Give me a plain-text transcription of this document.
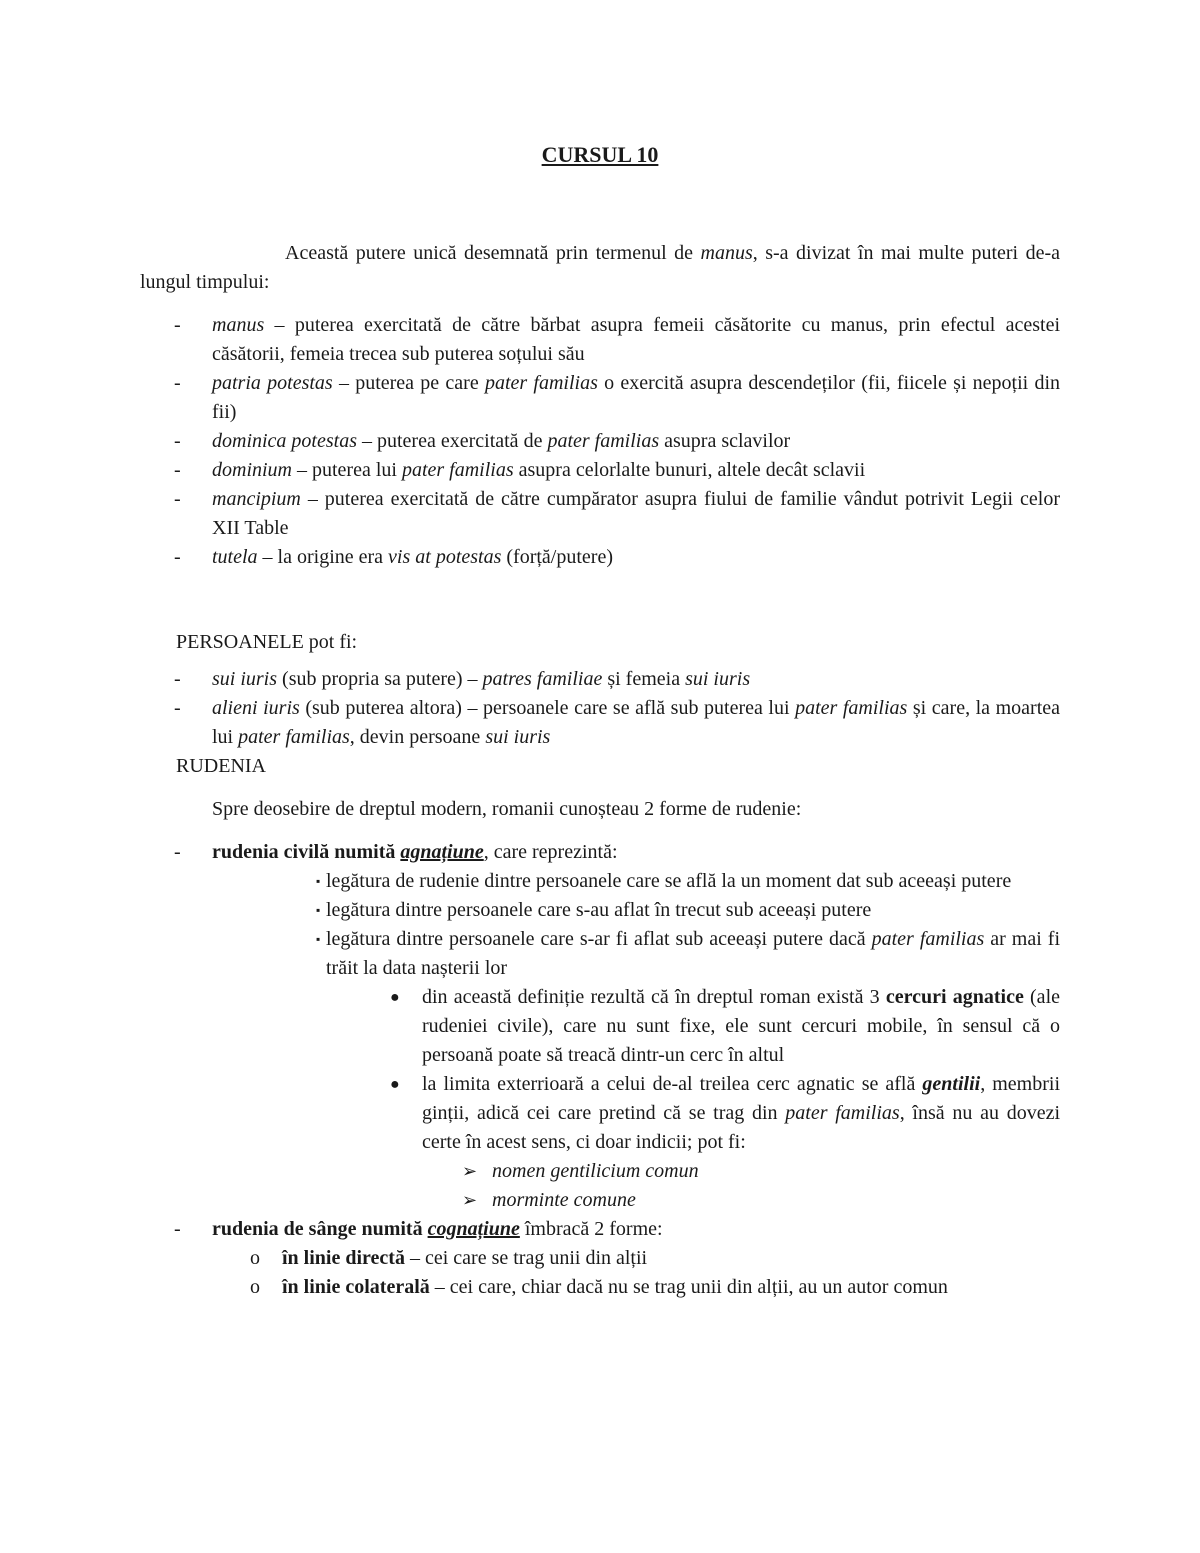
CURSUL 10

Această putere unică desemnată prin termenul de manus, s-a divizat în mai multe puteri de-a lungul timpului:

- manus – puterea exercitată de către bărbat asupra femeii căsătorite cu manus, prin efectul acestei căsătorii, femeia trecea sub puterea soțului său
- patria potestas – puterea pe care pater familias o exercită asupra descendeților (fii, fiicele și nepoții din fii)
- dominica potestas – puterea exercitată de pater familias asupra sclavilor
- dominium – puterea lui pater familias asupra celorlalte bunuri, altele decât sclavii
- mancipium – puterea exercitată de către cumpărator asupra fiului de familie vândut potrivit Legii celor XII Table
- tutela – la origine era vis at potestas (forță/putere)

PERSOANELE pot fi:

- sui iuris (sub propria sa putere) – patres familiae și femeia sui iuris
- alieni iuris (sub puterea altora) – persoanele care se află sub puterea lui pater familias și care, la moartea lui pater familias, devin persoane sui iuris

RUDENIA

Spre deosebire de dreptul modern, romanii cunoșteau 2 forme de rudenie:

- rudenia civilă numită agnațiune, care reprezintă:
▪ legătura de rudenie dintre persoanele care se află la un moment dat sub aceeași putere
▪ legătura dintre persoanele care s-au aflat în trecut sub aceeași putere
▪ legătura dintre persoanele care s-ar fi aflat sub aceeași putere dacă pater familias ar mai fi trăit la data nașterii lor
● din această definiție rezultă că în dreptul roman există 3 cercuri agnatice (ale rudeniei civile), care nu sunt fixe, ele sunt cercuri mobile, în sensul că o persoană poate să treacă dintr-un cerc în altul
● la limita exterrioară a celui de-al treilea cerc agnatic se află gentilii, membrii ginții, adică cei care pretind că se trag din pater familias, însă nu au dovezi certe în acest sens, ci doar indicii; pot fi:
➢ nomen gentilicium comun
➢ morminte comune
- rudenia de sânge numită cognațiune îmbracă 2 forme:
o în linie directă – cei care se trag unii din alții
o în linie colaterală – cei care, chiar dacă nu se trag unii din alții, au un autor comun
